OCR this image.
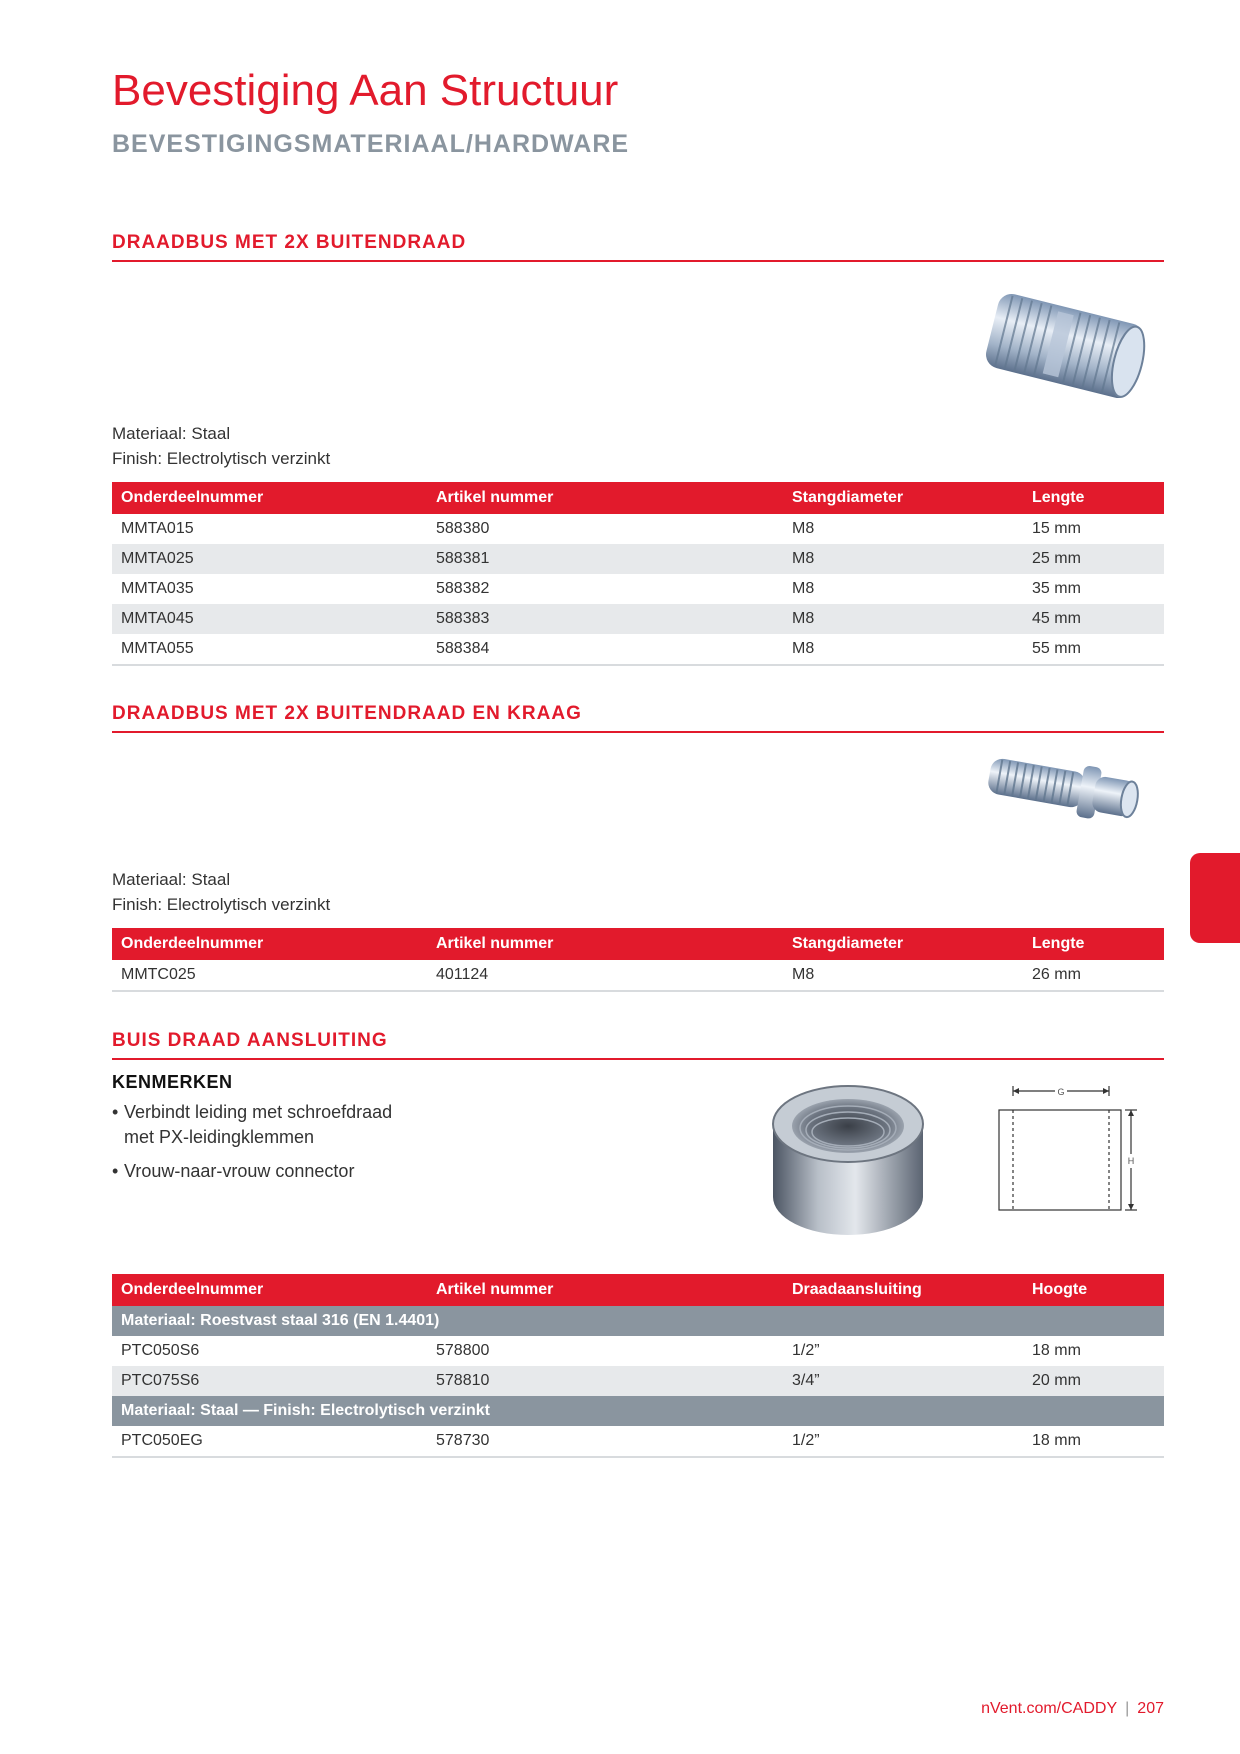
Bevestiging Aan Structuur
BEVESTIGINGSMATERIAAL/HARDWARE
DRAADBUS MET 2X BUITENDRAAD
Materiaal: Staal
Finish: Electrolytisch verzinkt
Onderdeelnummer	Artikel nummer	Stangdiameter	Lengte
MMTA015	588380	M8	15 mm
MMTA025	588381	M8	25 mm
MMTA035	588382	M8	35 mm
MMTA045	588383	M8	45 mm
MMTA055	588384	M8	55 mm
DRAADBUS MET 2X BUITENDRAAD EN KRAAG
Materiaal: Staal
Finish: Electrolytisch verzinkt
Onderdeelnummer	Artikel nummer	Stangdiameter	Lengte
MMTC025	401124	M8	26 mm
BUIS DRAAD AANSLUITING
KENMERKEN
• Verbindt leiding met schroefdraad met PX-leidingklemmen
• Vrouw-naar-vrouw connector
G
H
Onderdeelnummer	Artikel nummer	Draadaansluiting	Hoogte
Materiaal: Roestvast staal 316 (EN 1.4401)			
PTC050S6	578800	1/2”	18 mm
PTC075S6	578810	3/4”	20 mm
Materiaal: Staal — Finish: Electrolytisch verzinkt			
PTC050EG	578730	1/2”	18 mm
nVent.com/CADDY | 207
